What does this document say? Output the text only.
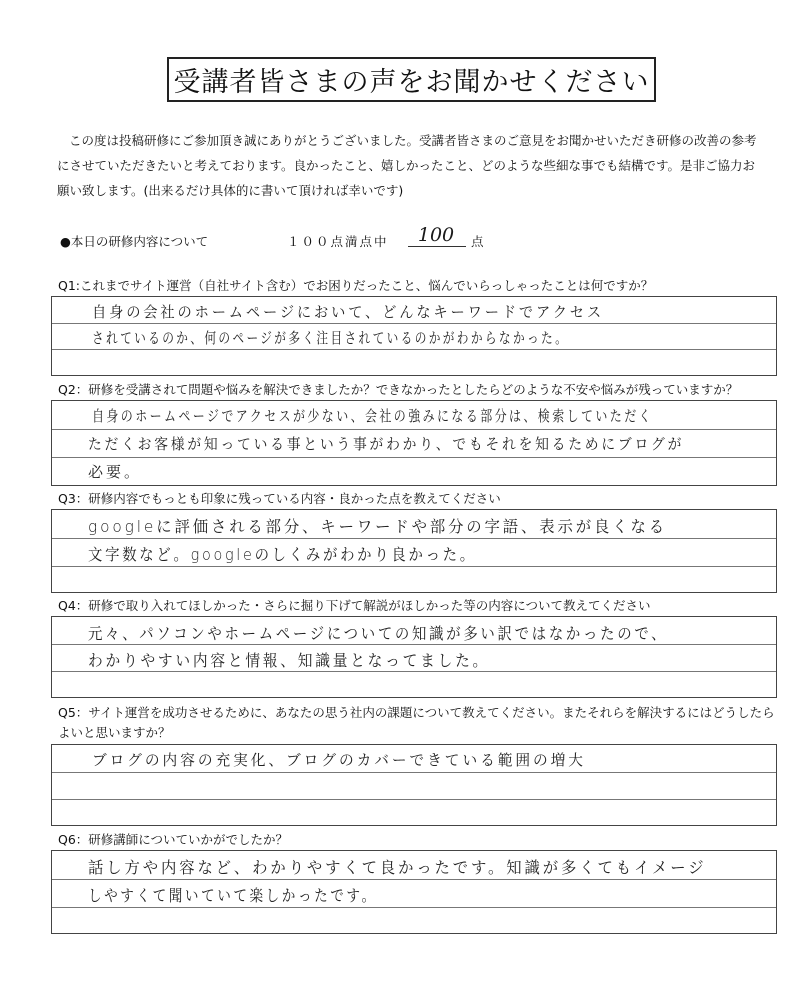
受講者皆さまの声をお聞かせください

この度は投稿研修にご参加頂き誠にありがとうございました。受講者皆さまのご意見をお聞かせいただき研修の改善の参考にさせていただきたいと考えております。良かったこと、嬉しかったこと、どのような些細な事でも結構です。是非ご協力お願い致します。(出来るだけ具体的に書いて頂ければ幸いです)

●本日の研修内容について	１００点満点中	100	点
Q1:これまでサイト運営（自社サイト含む）でお困りだったこと、悩んでいらっしゃったことは何ですか？
自身の会社のホームページにおいて、どんなキーワードでアクセス
されているのか、何のページが多く注目されているのかがわからなかった。
Q2：研修を受講されて問題や悩みを解決できましたか？できなかったとしたらどのような不安や悩みが残っていますか？
自身のホームページでアクセスが少ない、会社の強みになる部分は、検索していただく
ただくお客様が知っている事という事がわかり、でもそれを知るためにブログが
必要。
Q3：研修内容でもっとも印象に残っている内容・良かった点を教えてください
googleに評価される部分、キーワードや部分の字語、表示が良くなる
文字数など。googleのしくみがわかり良かった。
Q4：研修で取り入れてほしかった・さらに掘り下げて解説がほしかった等の内容について教えてください
元々、パソコンやホームページについての知識が多い訳ではなかったので、
わかりやすい内容と情報、知識量となってました。
Q5：サイト運営を成功させるために、あなたの思う社内の課題について教えてください。またそれらを解決するにはどうしたらよいと思いますか？
ブログの内容の充実化、ブログのカバーできている範囲の増大
Q6：研修講師についていかがでしたか？
話し方や内容など、わかりやすくて良かったです。知識が多くてもイメージ
しやすくて聞いていて楽しかったです。
